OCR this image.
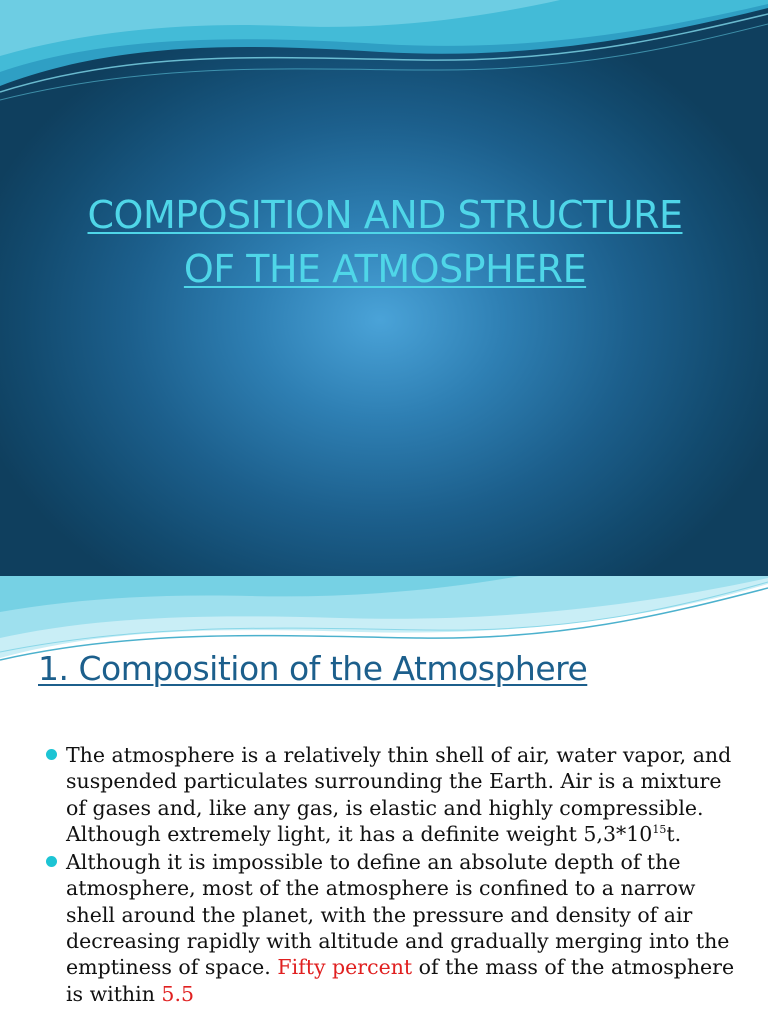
COMPOSITION AND STRUCTURE
OF THE ATMOSPHERE
1. Composition of the Atmosphere
The atmosphere is a relatively thin shell of air, water vapor, and suspended particulates surrounding the Earth. Air is a mixture of gases and, like any gas, is elastic and highly compressible. Although extremely light, it has a definite weight $5,3*10^{15}t$.
Although it is impossible to define an absolute depth of the atmosphere, most of the atmosphere is confined to a narrow shell around the planet, with the pressure and density of air decreasing rapidly with altitude and gradually merging into the emptiness of space. Fifty percent of the mass of the atmosphere is within 5.5
